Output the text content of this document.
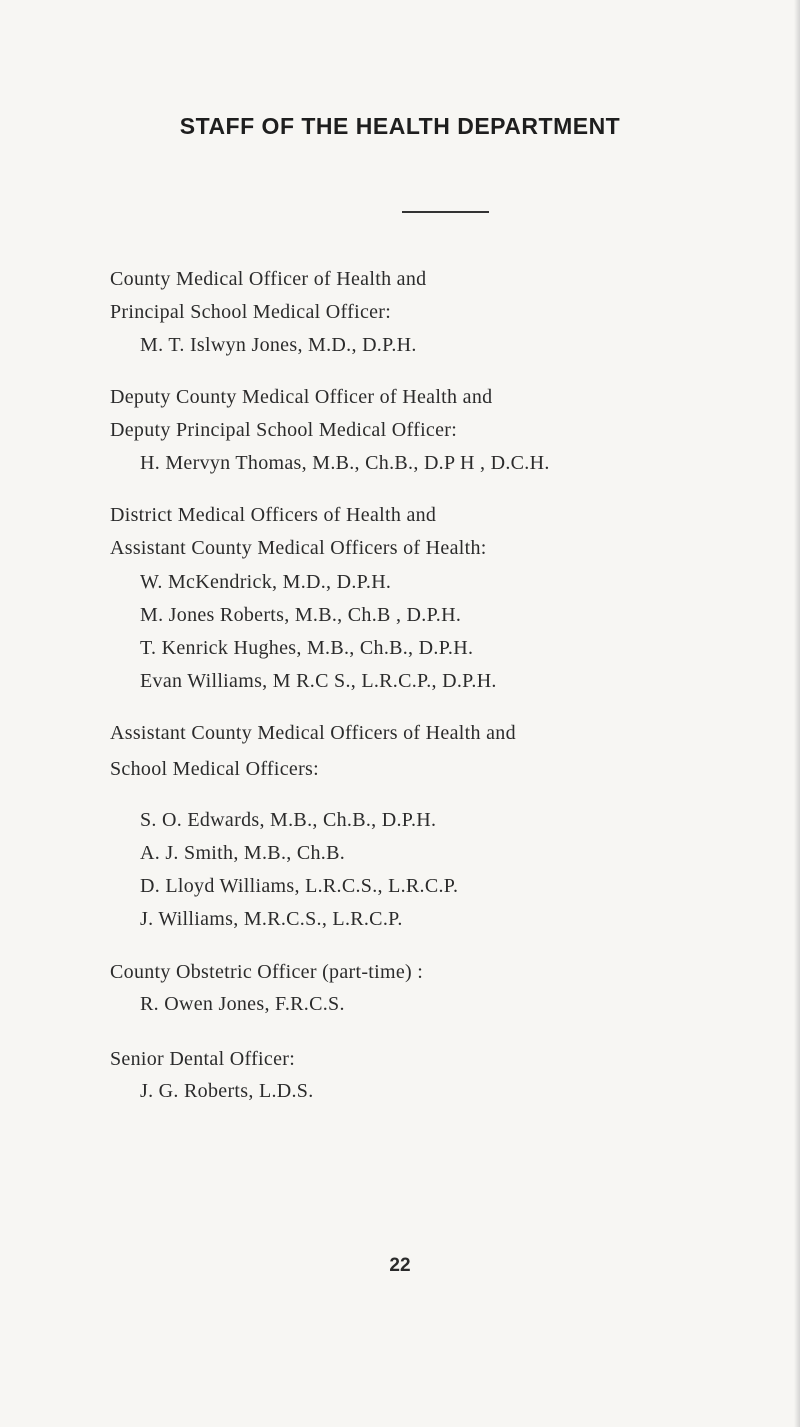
STAFF OF THE HEALTH DEPARTMENT
County Medical Officer of Health and
Principal School Medical Officer:
M. T. Islwyn Jones, M.D., D.P.H.
Deputy County Medical Officer of Health and
Deputy Principal School Medical Officer:
H. Mervyn Thomas, M.B., Ch.B., D.P H , D.C.H.
District Medical Officers of Health and
Assistant County Medical Officers of Health:
W. McKendrick, M.D., D.P.H.
M. Jones Roberts, M.B., Ch.B , D.P.H.
T. Kenrick Hughes, M.B., Ch.B., D.P.H.
Evan Williams, M R.C S., L.R.C.P., D.P.H.
Assistant County Medical Officers of Health and
School Medical Officers:
S. O. Edwards, M.B., Ch.B., D.P.H.
A. J. Smith, M.B., Ch.B.
D. Lloyd Williams, L.R.C.S., L.R.C.P.
J. Williams, M.R.C.S., L.R.C.P.
County Obstetric Officer (part-time) :
R. Owen Jones, F.R.C.S.
Senior Dental Officer:
J. G. Roberts, L.D.S.
22
